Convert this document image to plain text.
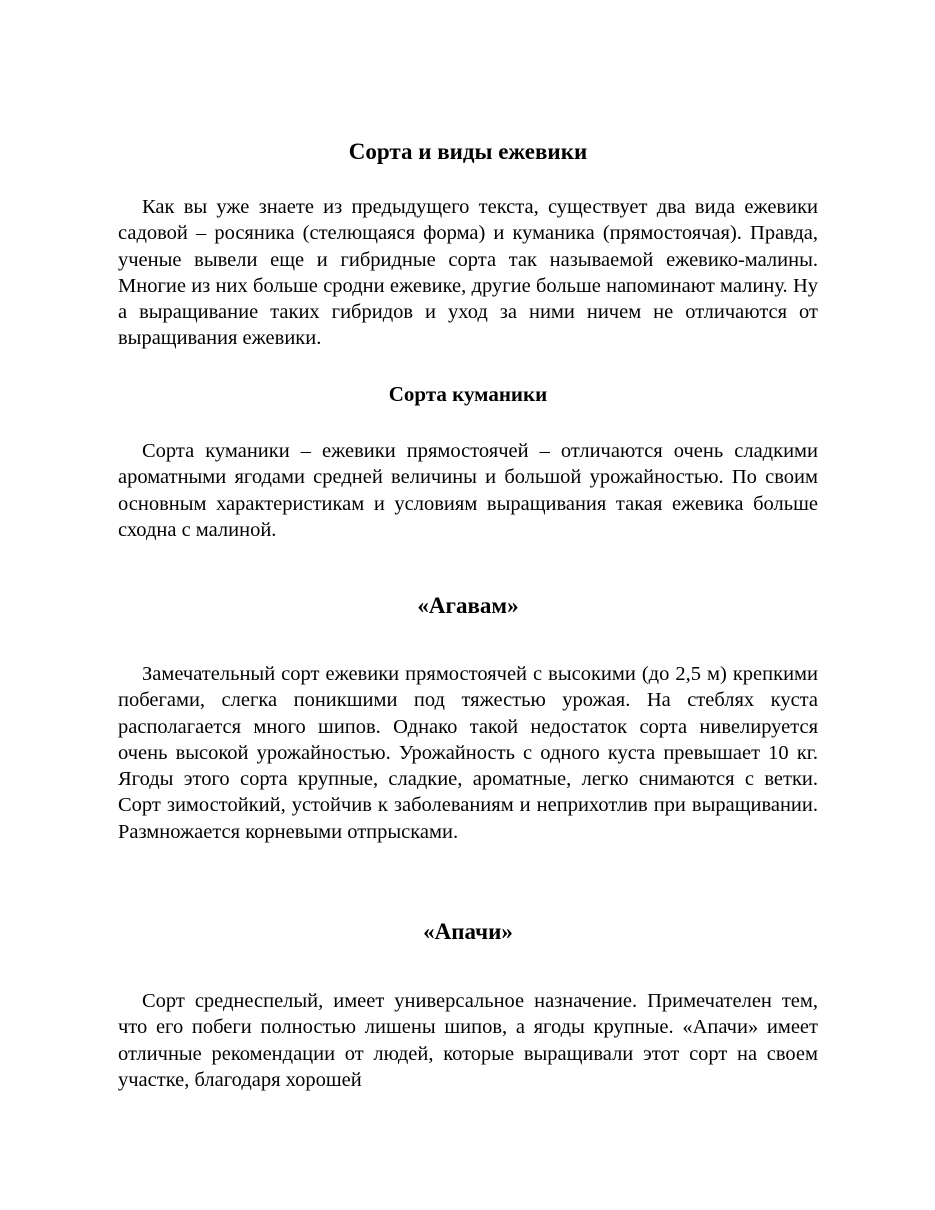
Сорта и виды ежевики

Как вы уже знаете из предыдущего текста, существует два вида ежевики садовой – росяника (стелющаяся форма) и куманика (прямостоячая). Правда, ученые вывели еще и гибридные сорта так называемой ежевико-малины. Многие из них больше сродни ежевике, другие больше напоминают малину. Ну а выращивание таких гибридов и уход за ними ничем не отличаются от выращивания ежевики.

Сорта куманики

Сорта куманики – ежевики прямостоячей – отличаются очень сладкими ароматными ягодами средней величины и большой урожайностью. По своим основным характеристикам и условиям выращивания такая ежевика больше сходна с малиной.

«Агавам»

Замечательный сорт ежевики прямостоячей с высокими (до 2,5 м) крепкими побегами, слегка поникшими под тяжестью урожая. На стеблях куста располагается много шипов. Однако такой недостаток сорта нивелируется очень высокой урожайностью. Урожайность с одного куста превышает 10 кг. Ягоды этого сорта крупные, сладкие, ароматные, легко снимаются с ветки. Сорт зимостойкий, устойчив к заболеваниям и неприхотлив при выращивании. Размножается корневыми отпрысками.

«Апачи»

Сорт среднеспелый, имеет универсальное назначение. Примечателен тем, что его побеги полностью лишены шипов, а ягоды крупные. «Апачи» имеет отличные рекомендации от людей, которые выращивали этот сорт на своем участке, благодаря хорошей
